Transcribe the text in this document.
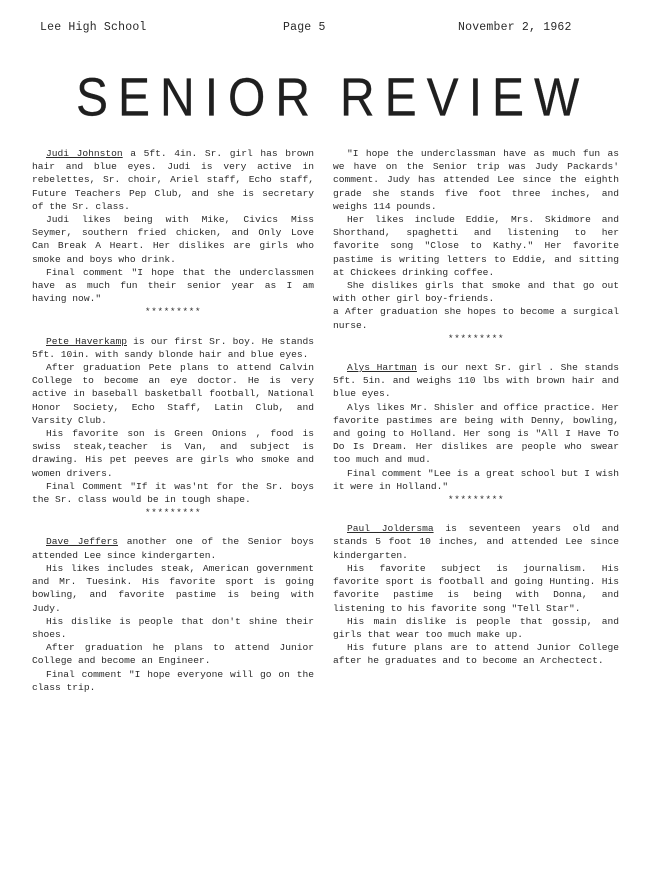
Lee High School	Page 5	November 2, 1962
SENIOR REVIEW

Judi Johnston a 5ft. 4in. Sr. girl has brown hair and blue eyes. Judi is very active in rebelettes, Sr. choir, Ariel staff, Echo staff, Future Teachers Pep Club, and she is secretary of the Sr. class.

Judi likes being with Mike, Civics Miss Seymer, southern fried chicken, and Only Love Can Break A Heart. Her dislikes are girls who smoke and boys who drink.

Final comment "I hope that the underclassmen have as much fun their senior year as I am having now."

*********

Pete Haverkamp is our first Sr. boy. He stands 5ft. 10in. with sandy blonde hair and blue eyes.

After graduation Pete plans to attend Calvin College to become an eye doctor. He is very active in baseball basketball football, National Honor Society, Echo Staff, Latin Club, and Varsity Club.

His favorite son is Green Onions , food is swiss steak,teacher is Van, and subject is drawing. His pet peeves are girls who smoke and women drivers.

Final Comment "If it was'nt for the Sr. boys the Sr. class would be in tough shape.

*********

Dave Jeffers another one of the Senior boys attended Lee since kindergarten.

His likes includes steak, American government and Mr. Tuesink. His favorite sport is going bowling, and favorite pastime is being with Judy.

His dislike is people that don't shine their shoes.

After graduation he plans to attend Junior College and become an Engineer.

Final comment "I hope everyone will go on the class trip.

"I hope the underclassman have as much fun as we have on the Senior trip was Judy Packards' comment. Judy has attended Lee since the eighth grade she stands five foot three inches, and weighs 114 pounds.

Her likes include Eddie, Mrs. Skidmore and Shorthand, spaghetti and listening to her favorite song "Close to Kathy." Her favorite pastime is writing letters to Eddie, and sitting at Chickees drinking coffee.

She dislikes girls that smoke and that go out with other girl boy-friends.

a After graduation she hopes to become a surgical nurse.

*********

Alys Hartman is our next Sr. girl . She stands 5ft. 5in. and weighs 110 lbs with brown hair and blue eyes.

Alys likes Mr. Shisler and office practice. Her favorite pastimes are being with Denny, bowling, and going to Holland. Her song is "All I Have To Do Is Dream. Her dislikes are people who swear too much and mud.

Final comment "Lee is a great school but I wish it were in Holland."

*********

Paul Joldersma is seventeen years old and stands 5 foot 10 inches, and attended Lee since kindergarten.

His favorite subject is journalism. His favorite sport is football and going Hunting. His favorite pastime is being with Donna, and listening to his favorite song "Tell Star".

His main dislike is people that gossip, and girls that wear too much make up.

His future plans are to attend Junior College after he graduates and to become an Archectect.
